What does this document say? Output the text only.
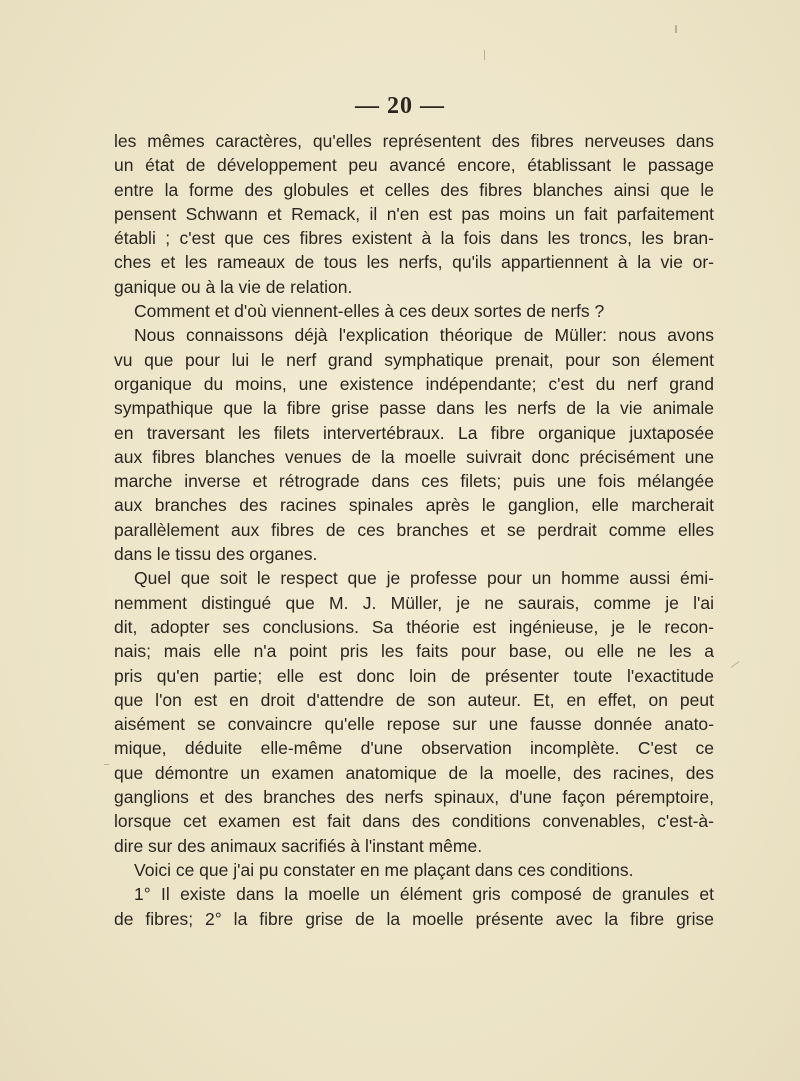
— 20 —
les mêmes caractères, qu'elles représentent des fibres nerveuses dans
un état de développement peu avancé encore, établissant le passage
entre la forme des globules et celles des fibres blanches ainsi que le
pensent Schwann et Remack, il n'en est pas moins un fait parfaitement
établi ; c'est que ces fibres existent à la fois dans les troncs, les bran-
ches et les rameaux de tous les nerfs, qu'ils appartiennent à la vie or-
ganique ou à la vie de relation.
Comment et d'où viennent-elles à ces deux sortes de nerfs ?
Nous connaissons déjà l'explication théorique de Müller: nous avons
vu que pour lui le nerf grand symphatique prenait, pour son élement
organique du moins, une existence indépendante; c'est du nerf grand
sympathique que la fibre grise passe dans les nerfs de la vie animale
en traversant les filets intervertébraux. La fibre organique juxtaposée
aux fibres blanches venues de la moelle suivrait donc précisément une
marche inverse et rétrograde dans ces filets; puis une fois mélangée
aux branches des racines spinales après le ganglion, elle marcherait
parallèlement aux fibres de ces branches et se perdrait comme elles
dans le tissu des organes.
Quel que soit le respect que je professe pour un homme aussi émi-
nemment distingué que M. J. Müller, je ne saurais, comme je l'ai
dit, adopter ses conclusions. Sa théorie est ingénieuse, je le recon-
nais; mais elle n'a point pris les faits pour base, ou elle ne les a
pris qu'en partie; elle est donc loin de présenter toute l'exactitude
que l'on est en droit d'attendre de son auteur. Et, en effet, on peut
aisément se convaincre qu'elle repose sur une fausse donnée anato-
mique, déduite elle-même d'une observation incomplète. C'est ce
que démontre un examen anatomique de la moelle, des racines, des
ganglions et des branches des nerfs spinaux, d'une façon péremptoire,
lorsque cet examen est fait dans des conditions convenables, c'est-à-
dire sur des animaux sacrifiés à l'instant même.
Voici ce que j'ai pu constater en me plaçant dans ces conditions.
1° Il existe dans la moelle un élément gris composé de granules et
de fibres; 2° la fibre grise de la moelle présente avec la fibre grise
